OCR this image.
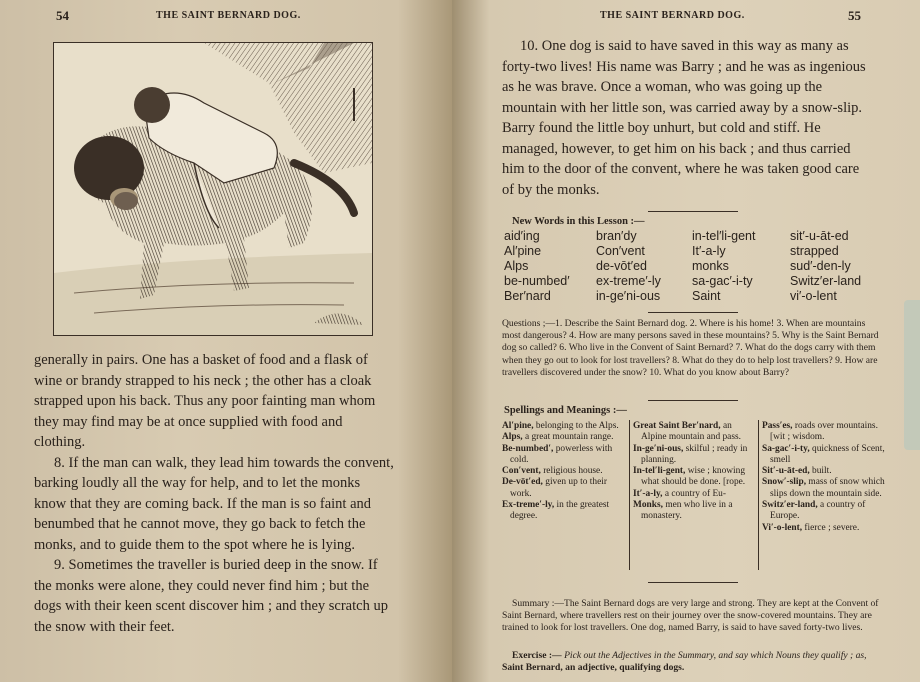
54	THE SAINT BERNARD DOG.

generally in pairs. One has a basket of food and a flask of wine or brandy strapped to his neck ; the other has a cloak strapped upon his back. Thus any poor fainting man whom they may find may be at once supplied with food and clothing.

8. If the man can walk, they lead him towards the convent, barking loudly all the way for help, and to let the monks know that they are coming back. If the man is so faint and benumbed that he cannot move, they go back to fetch the monks, and to guide them to the spot where he is lying.

9. Sometimes the traveller is buried deep in the snow. If the monks were alone, they could never find him ; but the dogs with their keen scent discover him ; and they scratch up the snow with their feet.

THE SAINT BERNARD DOG.	55
10. One dog is said to have saved in this way as many as forty-two lives! His name was Barry ; and he was as ingenious as he was brave. Once a woman, who was going up the mountain with her little son, was carried away by a snow-slip. Barry found the little boy unhurt, but cold and stiff. He managed, however, to get him on his back ; and thus carried him to the door of the convent, where he was taken good care of by the monks.
New Words in this Lesson :—
aid′ing
Al′pine
Alps
be-numbed′
Ber′nard
bran′dy
Con′vent
de-vōt′ed
ex-treme′-ly
in-ge′ni-ous
in-tel′li-gent
It′-a-ly
monks
sa-gac′-i-ty
Saint
sit′-u-āt-ed
strapped
sud′-den-ly
Switz′er-land
vi′-o-lent
Questions ;—1. Describe the Saint Bernard dog. 2. Where is his home! 3. When are mountains most dangerous? 4. How are many persons saved in these mountains? 5. Why is the Saint Bernard dog so called? 6. Who live in the Convent of Saint Bernard? 7. What do the dogs carry with them when they go out to look for lost travellers? 8. What do they do to help lost travellers? 9. How are travellers discovered under the snow? 10. What do you know about Barry?
Spellings and Meanings :—
Al′pine, belonging to the Alps.
Alps, a great mountain range.
Be-numbed′, powerless with cold.
Con′vent, religious house.
De-vōt′ed, given up to their work.
Ex-treme′-ly, in the greatest degree.
Great Saint Ber′nard, an Alpine mountain and pass.
In-ge′ni-ous, skilful ; ready in planning.
In-tel′li-gent, wise ; knowing what should be done. [rope.
It′-a-ly, a country of Eu-
Monks, men who live in a monastery.
Pass′es, roads over mountains. [wit ; wisdom.
Sa-gac′-i-ty, quickness of Scent, smell
Sit′-u-āt-ed, built.
Snow′-slip, mass of snow which slips down the mountain side.
Switz′er-land, a country of Europe.
Vi′-o-lent, fierce ; severe.
Summary :—The Saint Bernard dogs are very large and strong. They are kept at the Convent of Saint Bernard, where travellers rest on their journey over the snow-covered mountains. They are trained to look for lost travellers. One dog, named Barry, is said to have saved forty-two lives.
Exercise :— Pick out the Adjectives in the Summary, and say which Nouns they qualify ; as, Saint Bernard, an adjective, qualifying dogs.
